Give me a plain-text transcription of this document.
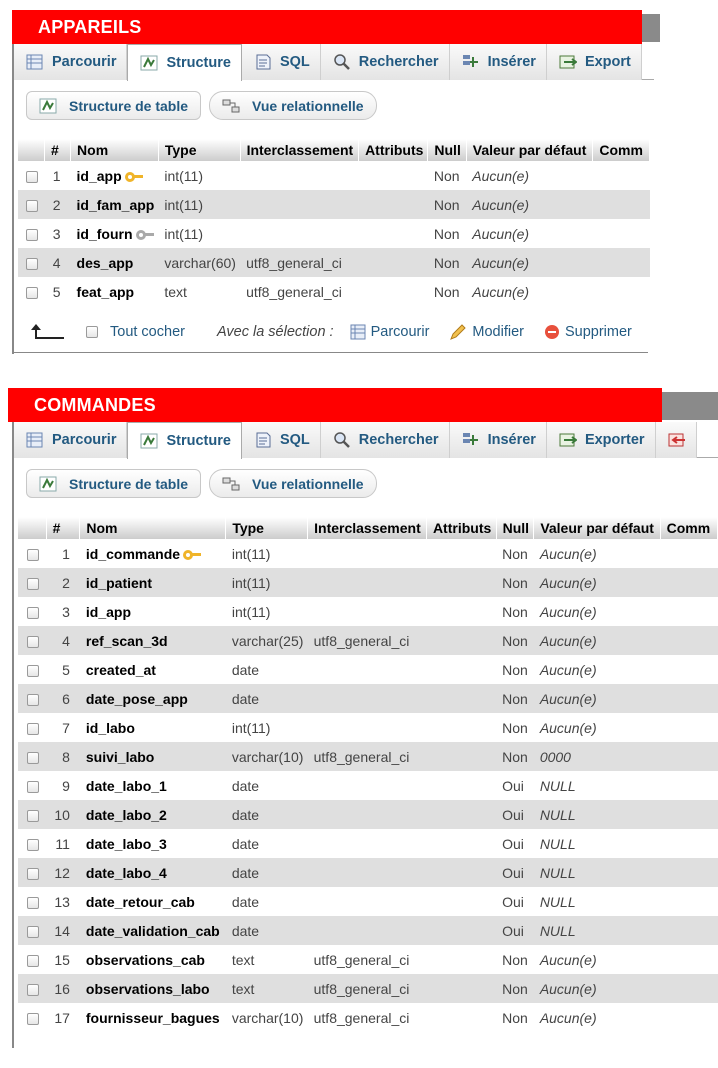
APPAREILS
Parcourir	Structure	SQL	Rechercher	Insérer	Export
Structure de table	Vue relationnelle
	#	Nom	Type	Interclassement	Attributs	Null	Valeur par défaut	Comm
	1	id_app	int(11)			Non	Aucun(e)	
	2	id_fam_app	int(11)			Non	Aucun(e)	
	3	id_fourn	int(11)			Non	Aucun(e)	
	4	des_app	varchar(60)	utf8_general_ci		Non	Aucun(e)	
	5	feat_app	text	utf8_general_ci		Non	Aucun(e)	
Tout cocher Avec la sélection :	Parcourir	Modifier	Supprimer
COMMANDES
Parcourir	Structure	SQL	Rechercher	Insérer	Exporter
Structure de table	Vue relationnelle
	#	Nom	Type	Interclassement	Attributs	Null	Valeur par défaut	Comm
	1	id_commande	int(11)			Non	Aucun(e)	
	2	id_patient	int(11)			Non	Aucun(e)	
	3	id_app	int(11)			Non	Aucun(e)	
	4	ref_scan_3d	varchar(25)	utf8_general_ci		Non	Aucun(e)	
	5	created_at	date			Non	Aucun(e)	
	6	date_pose_app	date			Non	Aucun(e)	
	7	id_labo	int(11)			Non	Aucun(e)	
	8	suivi_labo	varchar(10)	utf8_general_ci		Non	0000	
	9	date_labo_1	date			Oui	NULL	
	10	date_labo_2	date			Oui	NULL	
	11	date_labo_3	date			Oui	NULL	
	12	date_labo_4	date			Oui	NULL	
	13	date_retour_cab	date			Oui	NULL	
	14	date_validation_cab	date			Oui	NULL	
	15	observations_cab	text	utf8_general_ci		Non	Aucun(e)	
	16	observations_labo	text	utf8_general_ci		Non	Aucun(e)	
	17	fournisseur_bagues	varchar(10)	utf8_general_ci		Non	Aucun(e)	
